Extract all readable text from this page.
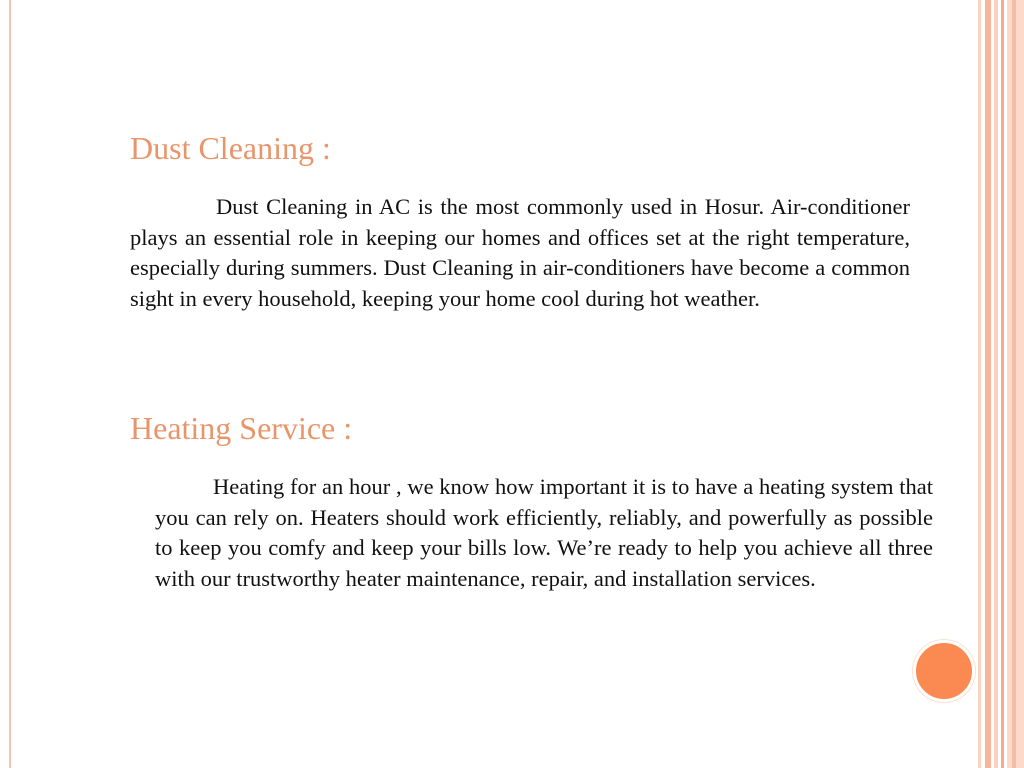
Dust Cleaning :

Dust Cleaning in AC is the most commonly used in Hosur. Air-conditioner plays an essential role in keeping our homes and offices set at the right temperature, especially during summers. Dust Cleaning in air-conditioners have become a common sight in every household, keeping your home cool during hot weather.

Heating Service :

Heating for an hour , we know how important it is to have a heating system that you can rely on. Heaters should work efficiently, reliably, and powerfully as possible to keep you comfy and keep your bills low. We’re ready to help you achieve all three with our trustworthy heater maintenance, repair, and installation services.
